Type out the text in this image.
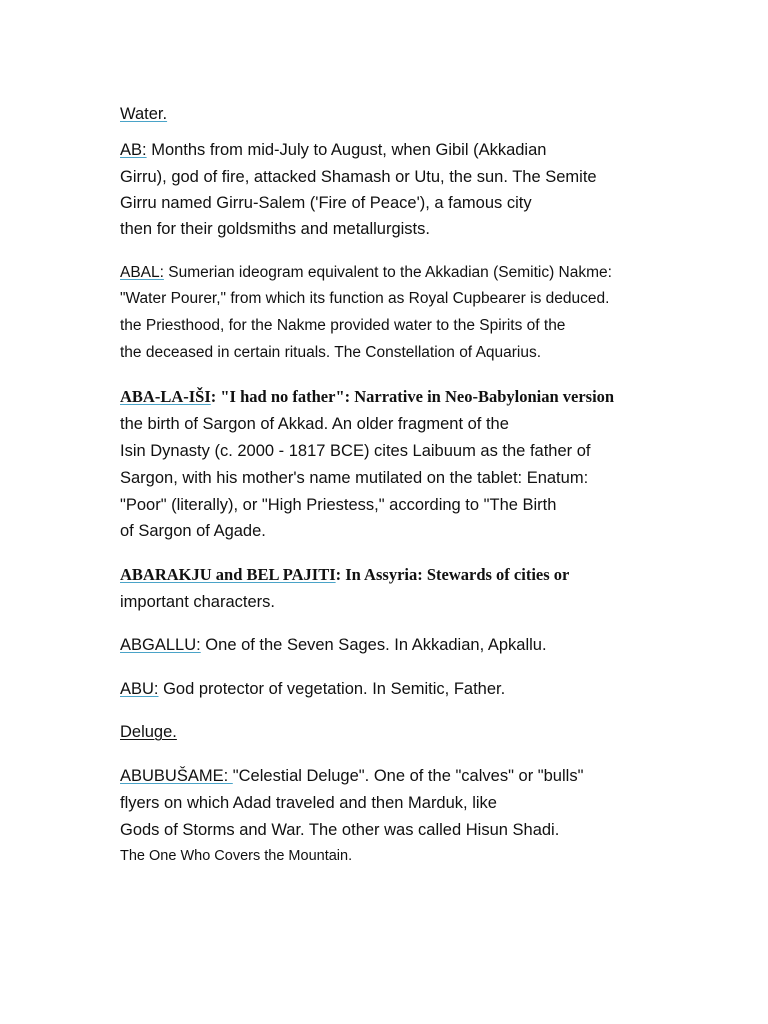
Water.
AB: Months from mid-July to August, when Gibil (Akkadian
Girru), god of fire, attacked Shamash or Utu, the sun. The Semite
Girru named Girru-Salem ('Fire of Peace'), a famous city
then for their goldsmiths and metallurgists.
ABAL: Sumerian ideogram equivalent to the Akkadian (Semitic) Nakme:
"Water Pourer," from which its function as Royal Cupbearer is deduced.
the Priesthood, for the Nakme provided water to the Spirits of the
the deceased in certain rituals. The Constellation of Aquarius.
ABA-LA-IŠI: "I had no father": Narrative in Neo-Babylonian version
the birth of Sargon of Akkad. An older fragment of the
Isin Dynasty (c. 2000 - 1817 BCE) cites Laibuum as the father of
Sargon, with his mother's name mutilated on the tablet: Enatum:
"Poor" (literally), or "High Priestess," according to "The Birth
of Sargon of Agade.
ABARAKJU and BEL PAJITI: In Assyria: Stewards of cities or
important characters.
ABGALLU: One of the Seven Sages. In Akkadian, Apkallu.
ABU: God protector of vegetation. In Semitic, Father.
Deluge.
ABUBUŠAME: "Celestial Deluge". One of the "calves" or "bulls"
flyers on which Adad traveled and then Marduk, like
Gods of Storms and War. The other was called Hisun Shadi.
The One Who Covers the Mountain.
